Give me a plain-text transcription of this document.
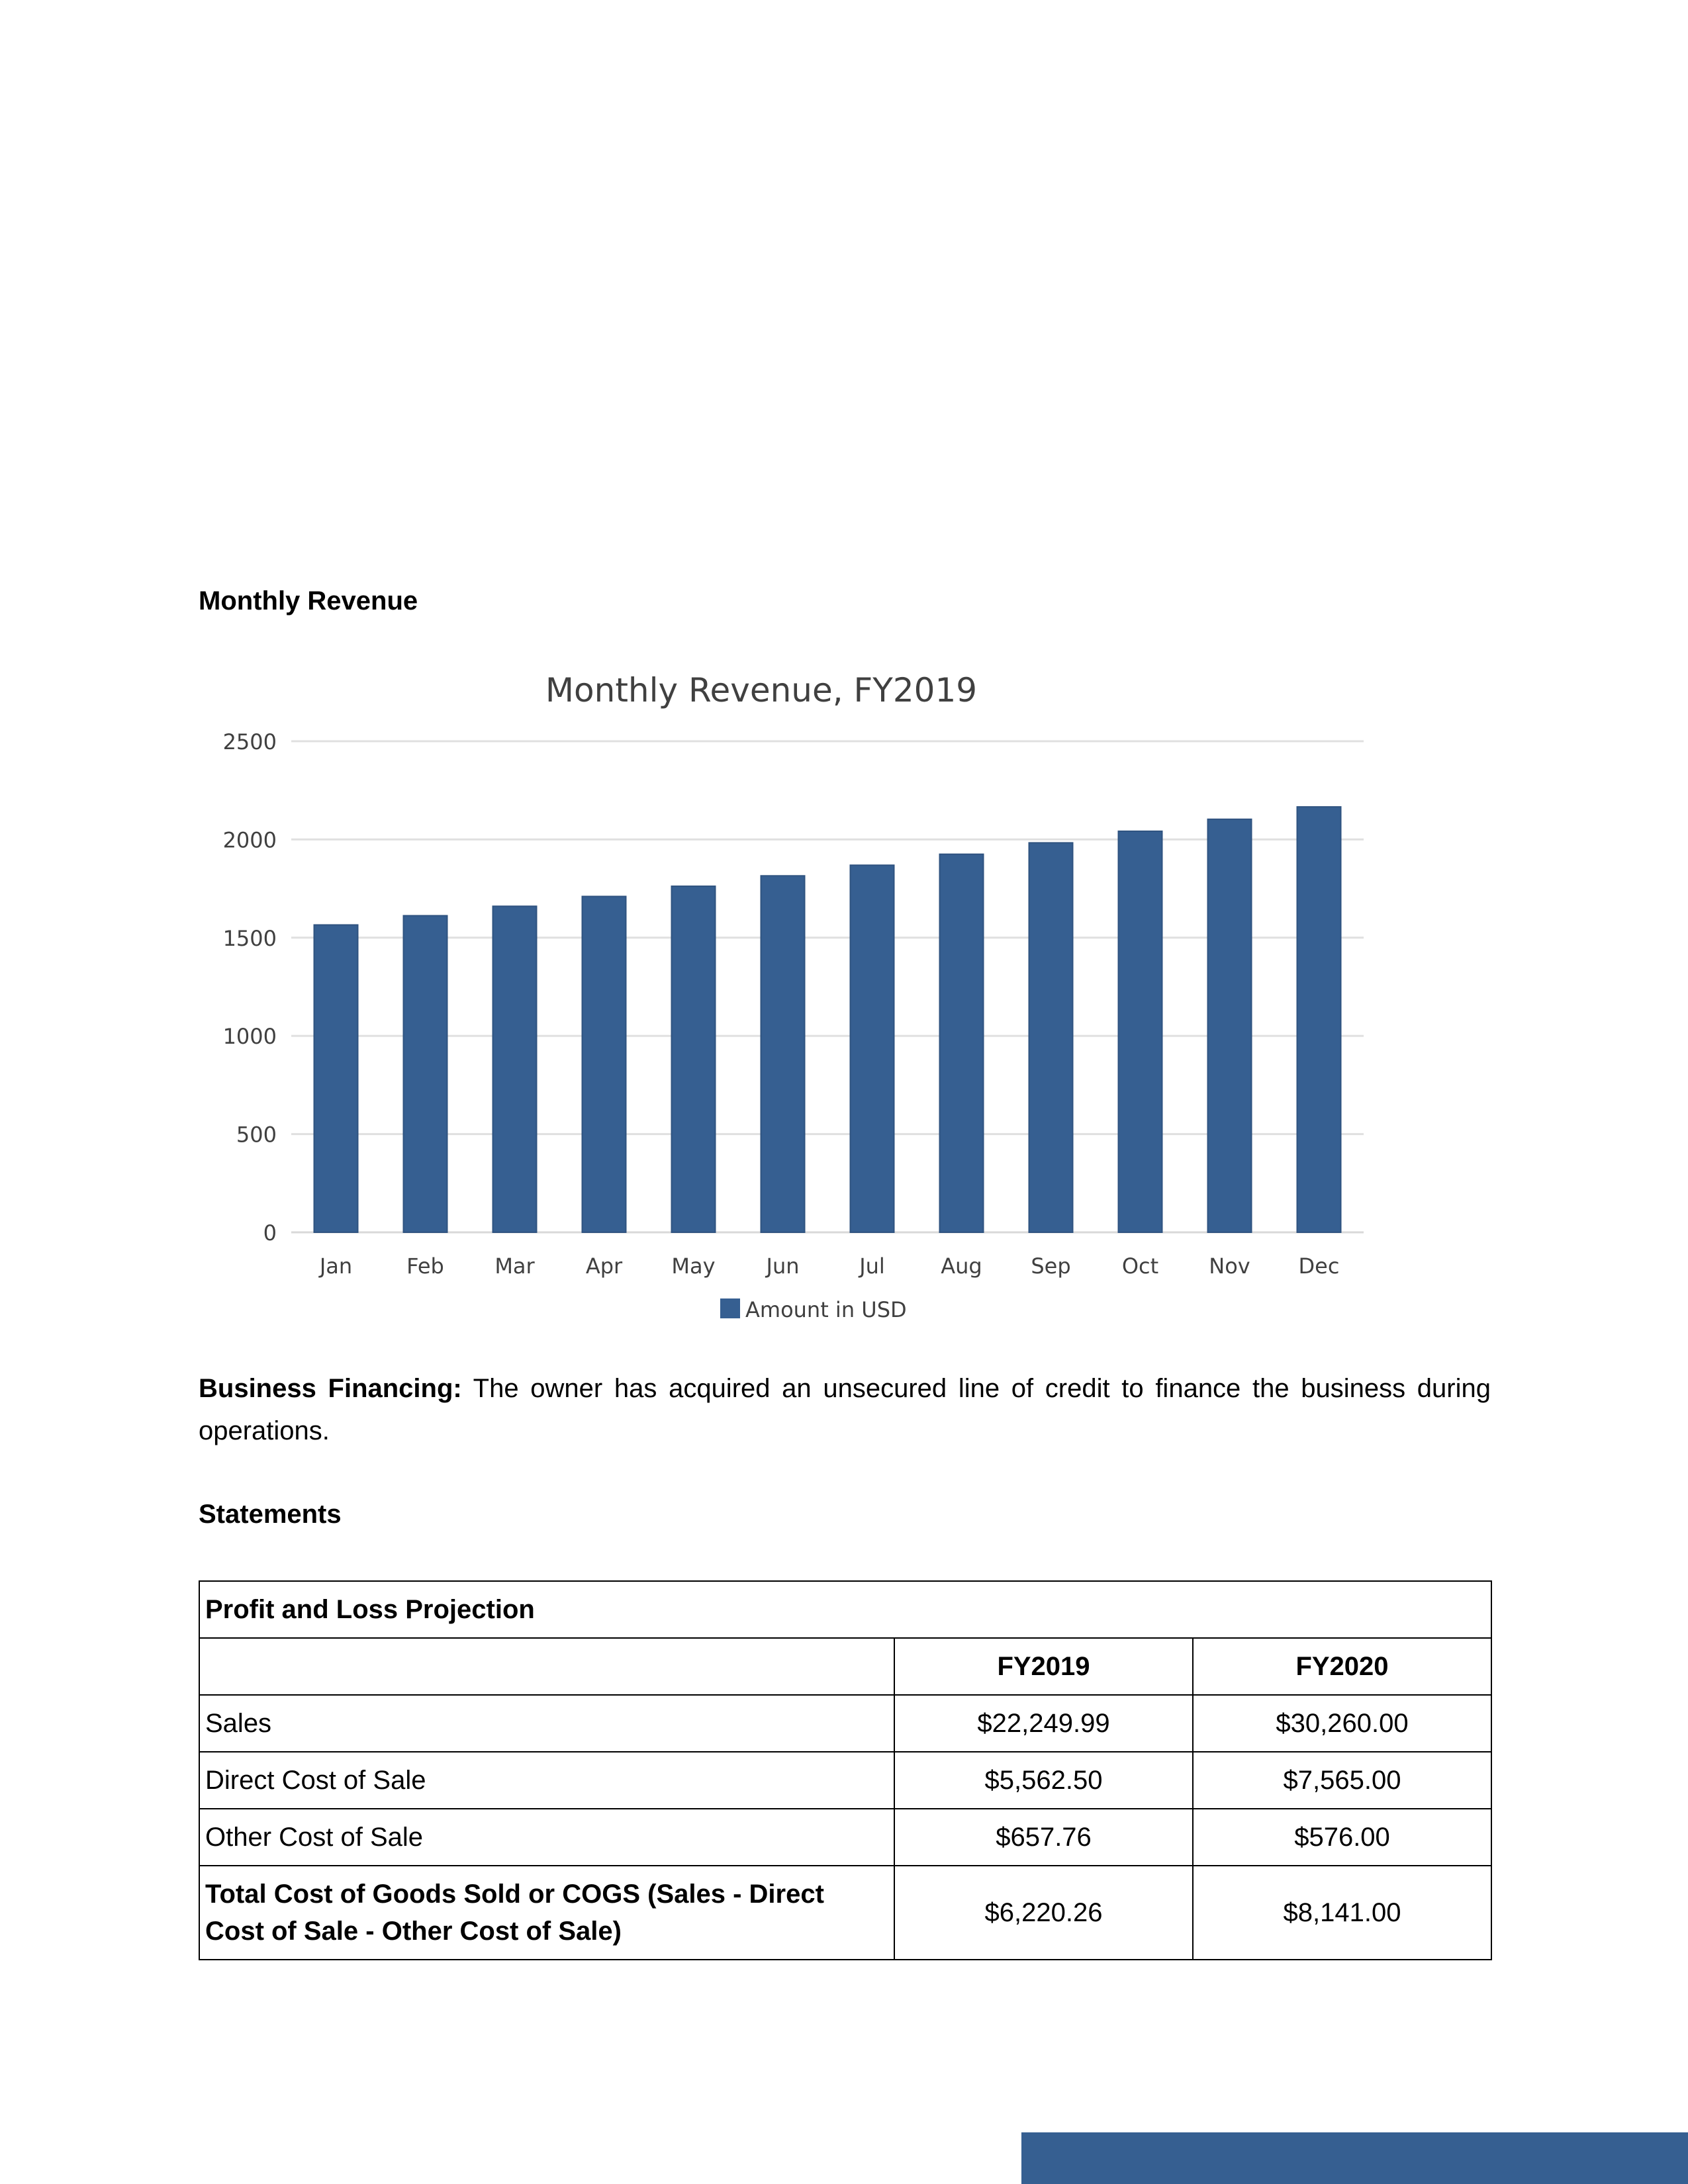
Monthly Revenue
Monthly Revenue, FY2019
0
500
1000
1500
2000
2500
Jan	Feb Mar Apr May Jun	Jul	Aug Sep Oct Nov Dec
Amount in USD
Business Financing: The owner has acquired an unsecured line of credit to finance the business during operations.
Statements
Profit and Loss Projection		
	FY2019	FY2020
Sales	$22,249.99	$30,260.00
Direct Cost of Sale	$5,562.50	$7,565.00
Other Cost of Sale	$657.76	$576.00
Total Cost of Goods Sold or COGS (Sales - Direct Cost of Sale - Other Cost of Sale)	$6,220.26	$8,141.00
